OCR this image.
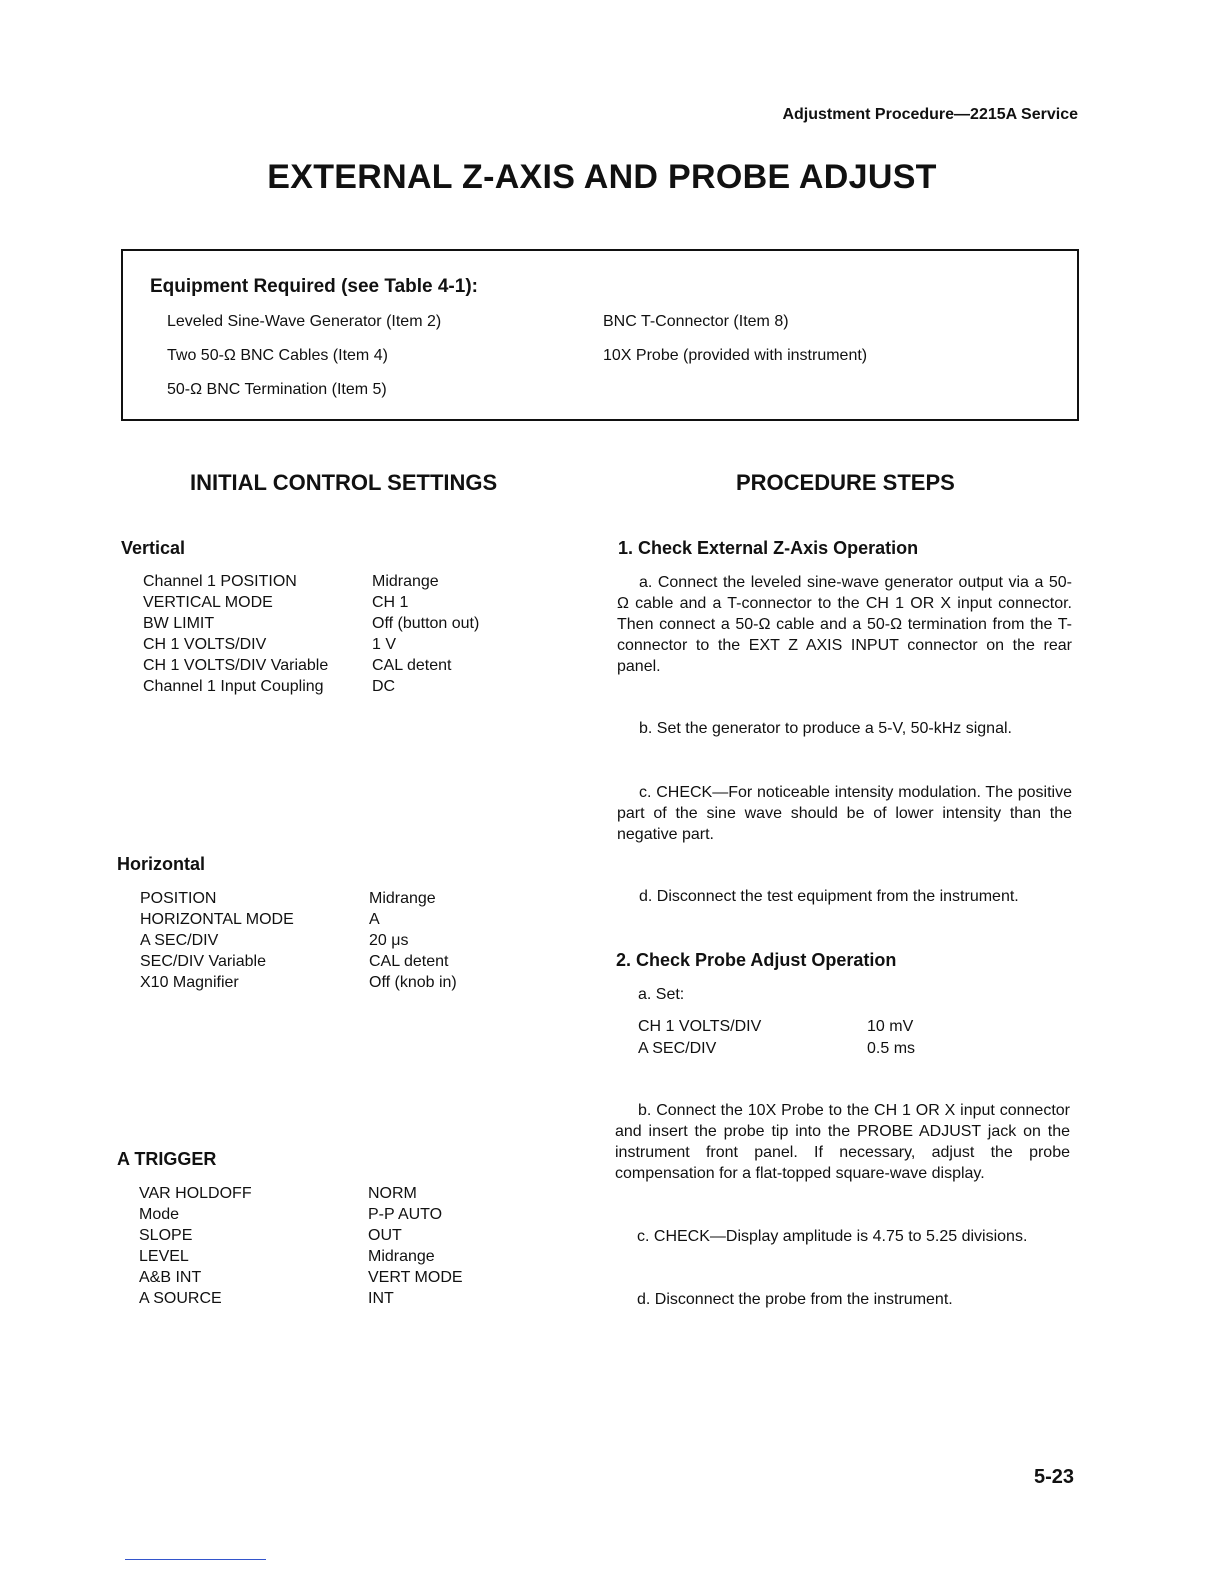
Adjustment Procedure—2215A Service
EXTERNAL Z-AXIS AND PROBE ADJUST
Equipment Required (see Table 4-1):
Leveled Sine-Wave Generator (Item 2)
Two 50-Ω BNC Cables (Item 4)
50-Ω BNC Termination (Item 5)
BNC T-Connector (Item 8)
10X Probe (provided with instrument)
INITIAL CONTROL SETTINGS	PROCEDURE STEPS
Vertical
Channel 1 POSITION	Midrange
VERTICAL MODE	CH 1
BW LIMIT	Off (button out)
CH 1 VOLTS/DIV	1 V
CH 1 VOLTS/DIV Variable	CAL detent
Channel 1 Input Coupling	DC
Horizontal
POSITION	Midrange
HORIZONTAL MODE	A
A SEC/DIV	20 μs
SEC/DIV Variable	CAL detent
X10 Magnifier	Off (knob in)
A TRIGGER
VAR HOLDOFF	NORM
Mode	P-P AUTO
SLOPE	OUT
LEVEL	Midrange
A&B INT	VERT MODE
A SOURCE	INT
1. Check External Z-Axis Operation
a. Connect the leveled sine-wave generator output via a 50-Ω cable and a T-connector to the CH 1 OR X input connector. Then connect a 50-Ω cable and a 50-Ω termination from the T-connector to the EXT Z AXIS INPUT connector on the rear panel.
b. Set the generator to produce a 5-V, 50-kHz signal.
c. CHECK—For noticeable intensity modulation. The positive part of the sine wave should be of lower intensity than the negative part.
d. Disconnect the test equipment from the instrument.
2. Check Probe Adjust Operation
a. Set:
CH 1 VOLTS/DIV	10 mV
A SEC/DIV	0.5 ms
b. Connect the 10X Probe to the CH 1 OR X input connector and insert the probe tip into the PROBE ADJUST jack on the instrument front panel. If necessary, adjust the probe compensation for a flat-topped square-wave display.
c. CHECK—Display amplitude is 4.75 to 5.25 divisions.
d. Disconnect the probe from the instrument.
5-23
